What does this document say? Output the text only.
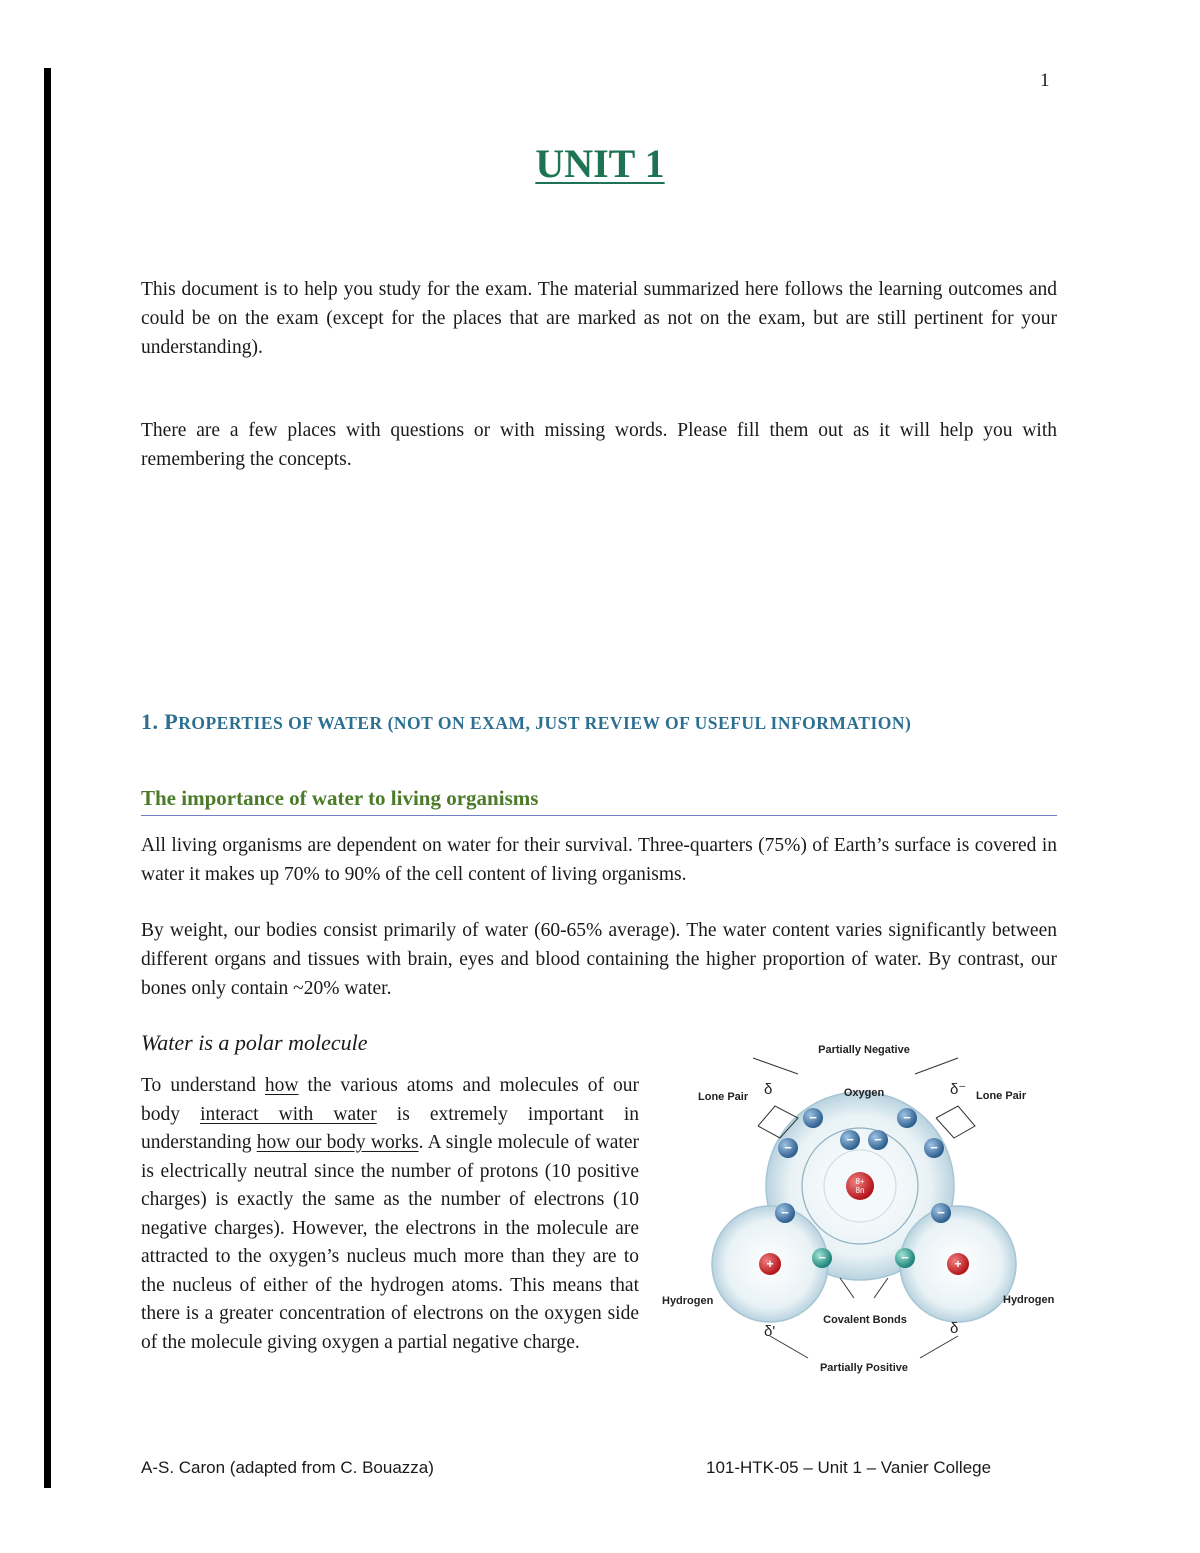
1
UNIT 1
This document is to help you study for the exam. The material summarized here follows the learning outcomes and could be on the exam (except for the places that are marked as not on the exam, but are still pertinent for your understanding).
There are a few places with questions or with missing words. Please fill them out as it will help you with remembering the concepts.
1. PROPERTIES OF WATER (NOT ON EXAM, JUST REVIEW OF USEFUL INFORMATION)
The importance of water to living organisms
All living organisms are dependent on water for their survival. Three-quarters (75%) of Earth’s surface is covered in water it makes up 70% to 90% of the cell content of living organisms.
By weight, our bodies consist primarily of water (60-65% average). The water content varies significantly between different organs and tissues with brain, eyes and blood containing the higher proportion of water. By contrast, our bones only contain ~20% water.
Water is a polar molecule
To understand how the various atoms and molecules of our body interact with water is extremely important in understanding how our body works. A single molecule of water is electrically neutral since the number of protons (10 positive charges) is exactly the same as the number of electrons (10 negative charges). However, the electrons in the molecule are attracted to the oxygen’s nucleus much more than they are to the nucleus of either of the hydrogen atoms. This means that there is a greater concentration of electrons on the oxygen side of the molecule giving oxygen a partial negative charge.
8+
8n
+	+
−
−
−
−
− −
−	−
−	−
Partially Negative
Oxygen
Lone Pair	Lone Pair
Hydrogen	Hydrogen
Covalent Bonds
Partially Positive
δ	δ⁻
δ'	δ
A-S. Caron (adapted from C. Bouazza)	101-HTK-05 – Unit 1 – Vanier College
